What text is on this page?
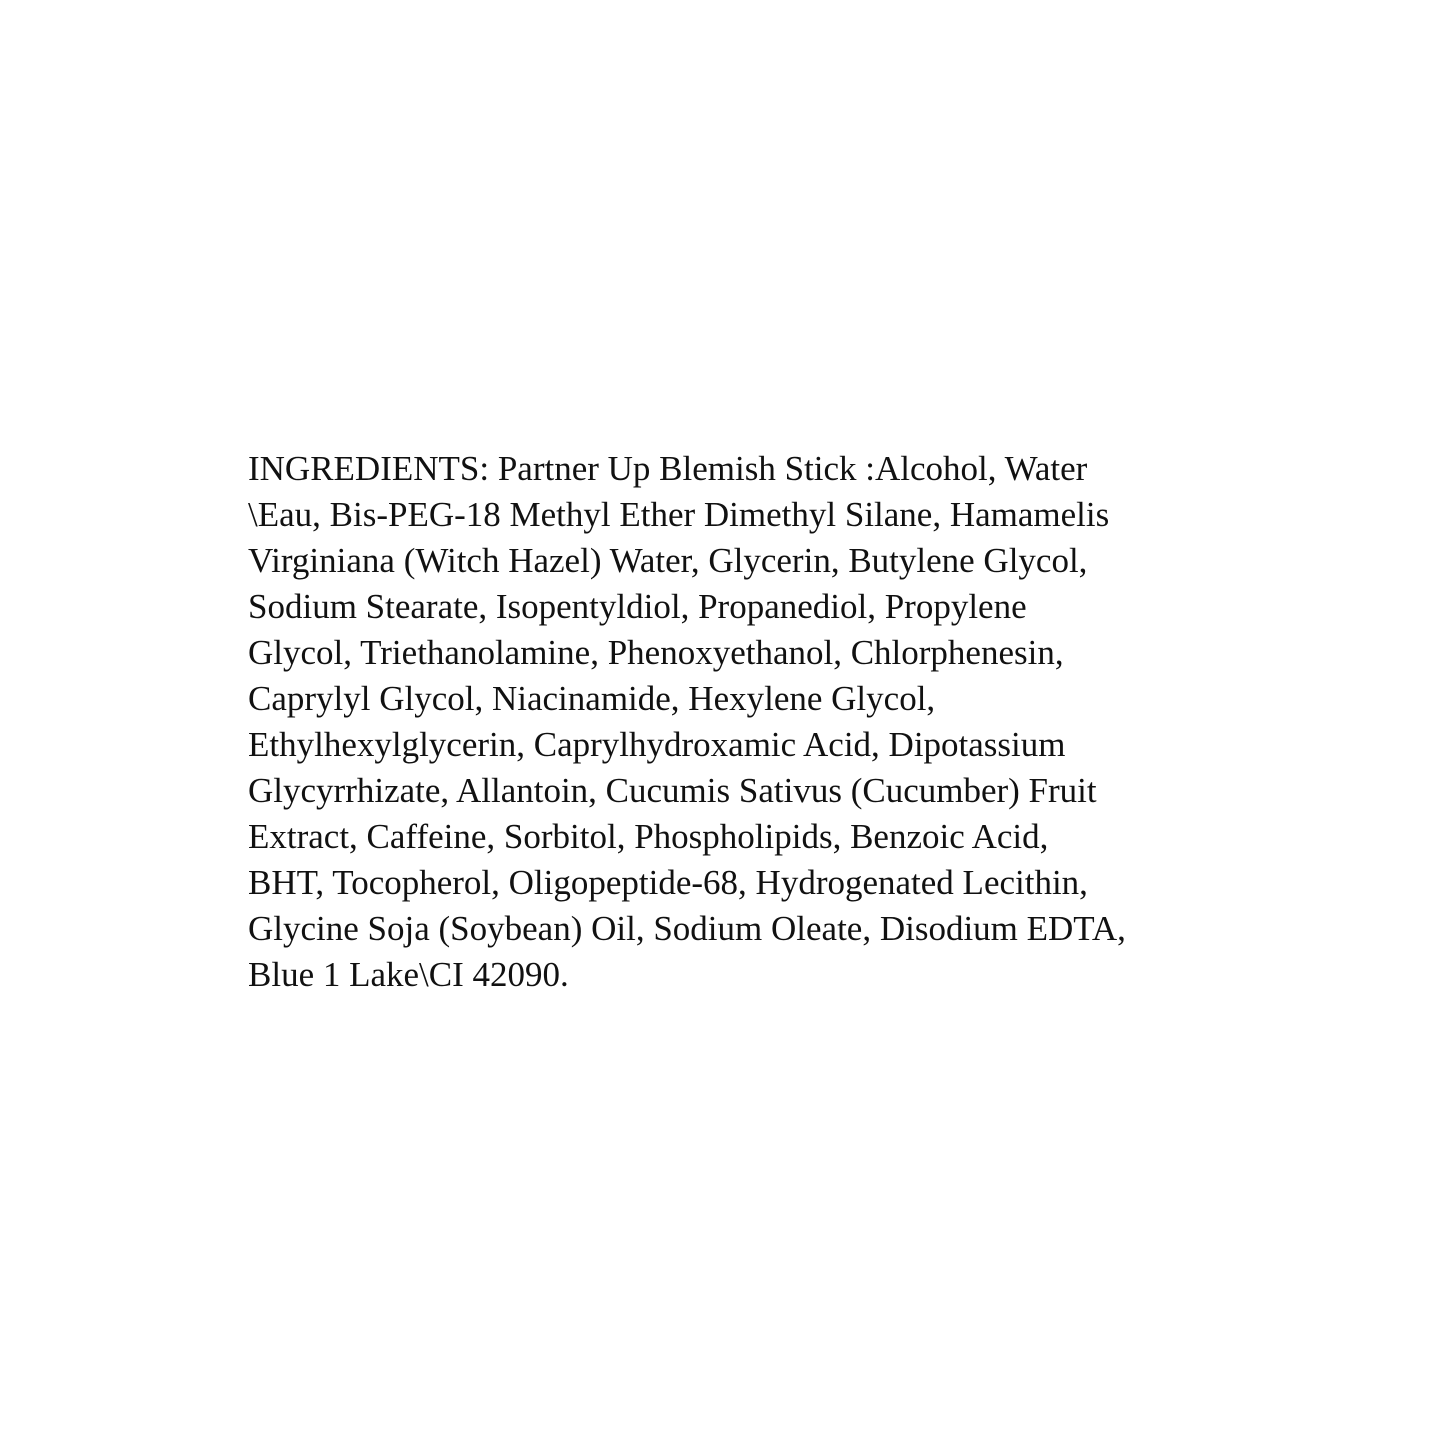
INGREDIENTS: Partner Up Blemish Stick :Alcohol, Water
\Eau, Bis-PEG-18 Methyl Ether Dimethyl Silane, Hamamelis
Virginiana (Witch Hazel) Water, Glycerin, Butylene Glycol,
Sodium Stearate, Isopentyldiol, Propanediol, Propylene
Glycol, Triethanolamine, Phenoxyethanol, Chlorphenesin,
Caprylyl Glycol, Niacinamide, Hexylene Glycol,
Ethylhexylglycerin, Caprylhydroxamic Acid, Dipotassium
Glycyrrhizate, Allantoin, Cucumis Sativus (Cucumber) Fruit
Extract, Caffeine, Sorbitol, Phospholipids, Benzoic Acid,
BHT, Tocopherol, Oligopeptide-68, Hydrogenated Lecithin,
Glycine Soja (Soybean) Oil, Sodium Oleate, Disodium EDTA,
Blue 1 Lake\CI 42090.
